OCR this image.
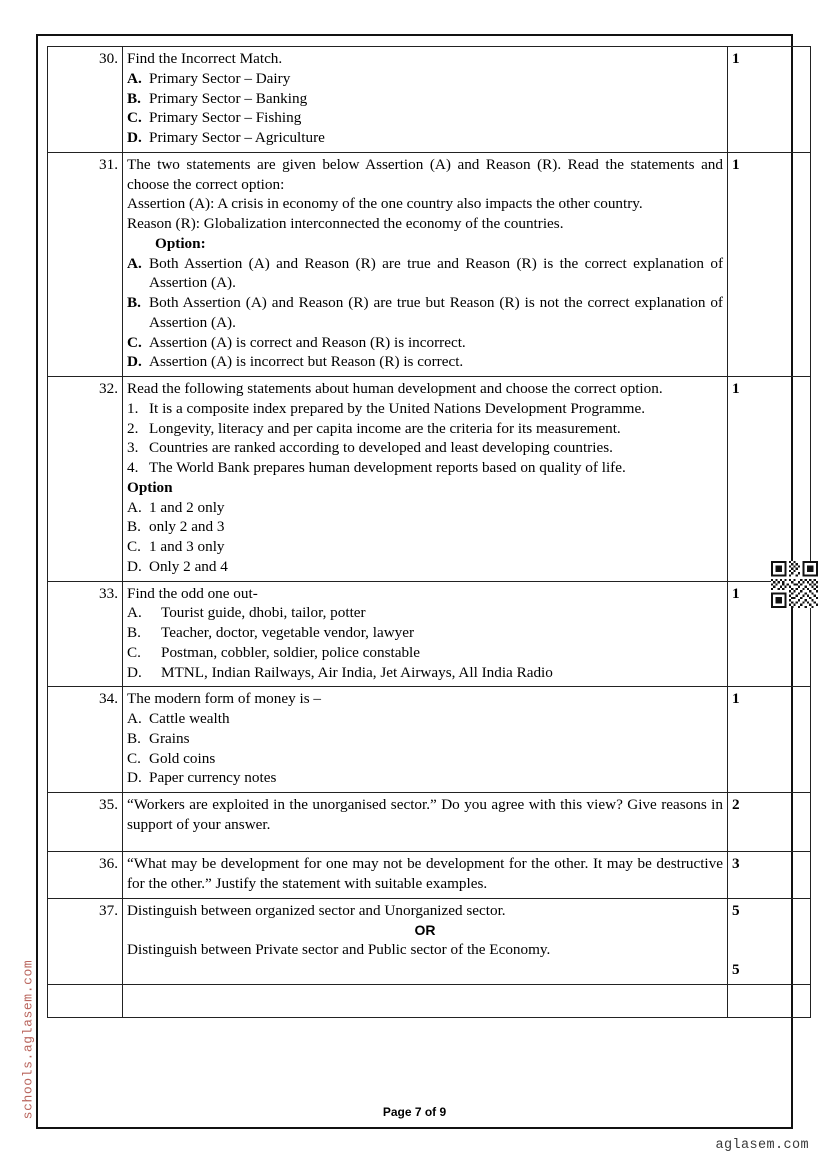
30.	Find the Incorrect Match.

A. Primary Sector – Dairy
B. Primary Sector – Banking
C. Primary Sector – Fishing
D. Primary Sector – Agriculture
	1
31.	The two statements are given below Assertion (A) and Reason (R). Read the statements and choose the correct option:

Assertion (A): A crisis in economy of the one country also impacts the other country.

Reason (R): Globalization interconnected the economy of the countries.

Option:

A. Both Assertion (A) and Reason (R) are true and Reason (R) is the correct explanation of Assertion (A).
B. Both Assertion (A) and Reason (R) are true but Reason (R) is not the correct explanation of Assertion (A).
C. Assertion (A) is correct and Reason (R) is incorrect.
D. Assertion (A) is incorrect but Reason (R) is correct.
	1
32.	Read the following statements about human development and choose the correct option.

1. It is a composite index prepared by the United Nations Development Programme.
2. Longevity, literacy and per capita income are the criteria for its measurement.
3. Countries are ranked according to developed and least developing countries.
4. The World Bank prepares human development reports based on quality of life.

Option

A. 1 and 2 only
B. only 2 and 3
C. 1 and 3 only
D. Only 2 and 4
	1
33.	Find the odd one out-

A.	Tourist guide, dhobi, tailor, potter
B.	Teacher, doctor, vegetable vendor, lawyer
C.	Postman, cobbler, soldier, police constable
D.	MTNL, Indian Railways, Air India, Jet Airways, All India Radio
	1
34.	The modern form of money is –

A. Cattle wealth
B. Grains
C. Gold coins
D. Paper currency notes
	1
35.	“Workers are exploited in the unorganised sector.” Do you agree with this view? Give reasons in support of your answer.	2
36.	“What may be development for one may not be development for the other. It may be destructive for the other.” Justify the statement with suitable examples.	3
37.	Distinguish between organized sector and Unorganized sector.

OR

Distinguish between Private sector and Public sector of the Economy.

5
5

Page 7 of 9
schools.aglasem.com
aglasem.com
